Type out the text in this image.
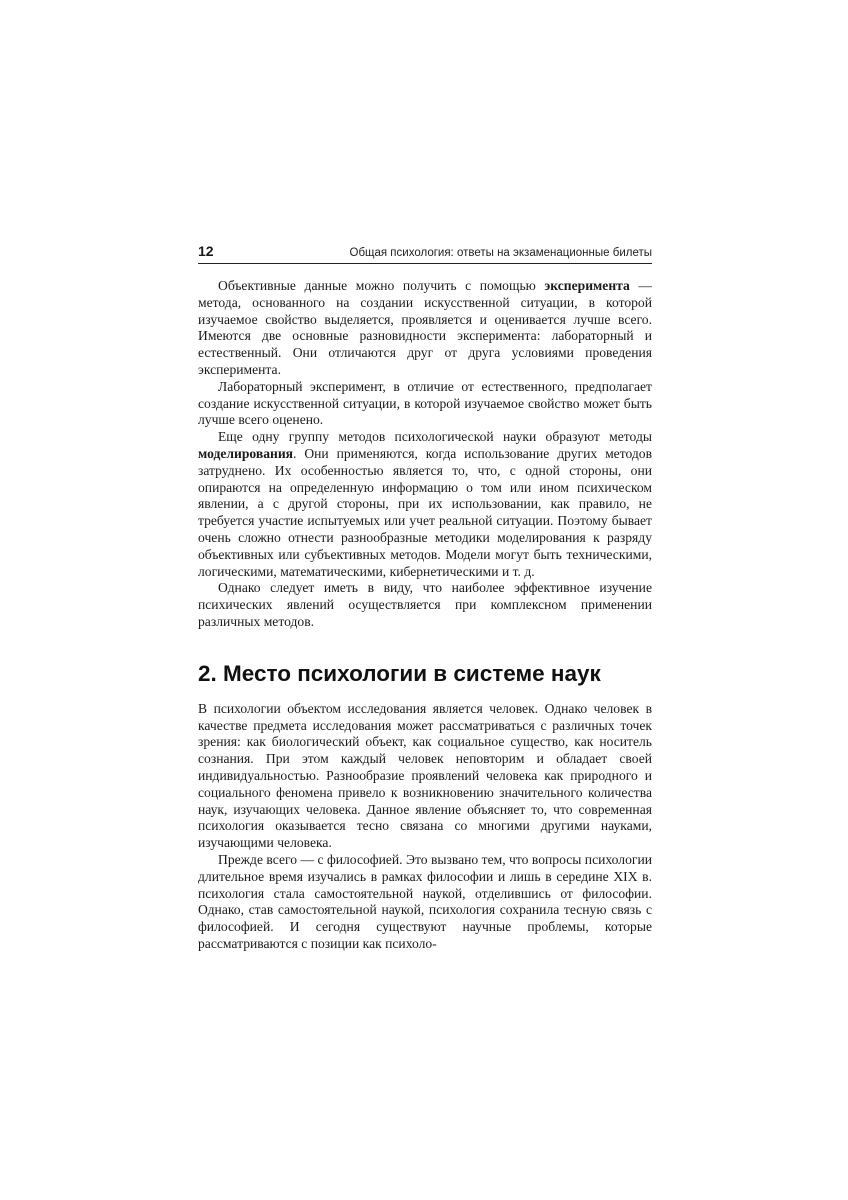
12	Общая психология: ответы на экзаменационные билеты

Объективные данные можно получить с помощью эксперимента — метода, основанного на создании искусственной ситуации, в которой изучаемое свойство выделяется, проявляется и оценивается лучше всего. Имеются две основные разновидности эксперимента: лабораторный и естественный. Они отличаются друг от друга условиями проведения эксперимента.

Лабораторный эксперимент, в отличие от естественного, предполагает создание искусственной ситуации, в которой изучаемое свойство может быть лучше всего оценено.

Еще одну группу методов психологической науки образуют методы моделирования. Они применяются, когда использование других методов затруднено. Их особенностью является то, что, с одной стороны, они опираются на определенную информацию о том или ином психическом явлении, а с другой стороны, при их использовании, как правило, не требуется участие испытуемых или учет реальной ситуации. Поэтому бывает очень сложно отнести разнообразные методики моделирования к разряду объективных или субъективных методов. Модели могут быть техническими, логическими, математическими, кибернетическими и т. д.

Однако следует иметь в виду, что наиболее эффективное изучение психических явлений осуществляется при комплексном применении различных методов.

2. Место психологии в системе наук

В психологии объектом исследования является человек. Однако человек в качестве предмета исследования может рассматриваться с различных точек зрения: как биологический объект, как социальное существо, как носитель сознания. При этом каждый человек неповторим и обладает своей индивидуальностью. Разнообразие проявлений человека как природного и социального феномена привело к возникновению значительного количества наук, изучающих человека. Данное явление объясняет то, что современная психология оказывается тесно связана со многими другими науками, изучающими человека.

Прежде всего — с философией. Это вызвано тем, что вопросы психологии длительное время изучались в рамках философии и лишь в середине XIX в. психология стала самостоятельной наукой, отделившись от философии. Однако, став самостоятельной наукой, психология сохранила тесную связь с философией. И сегодня существуют научные проблемы, которые рассматриваются с позиции как психоло-
